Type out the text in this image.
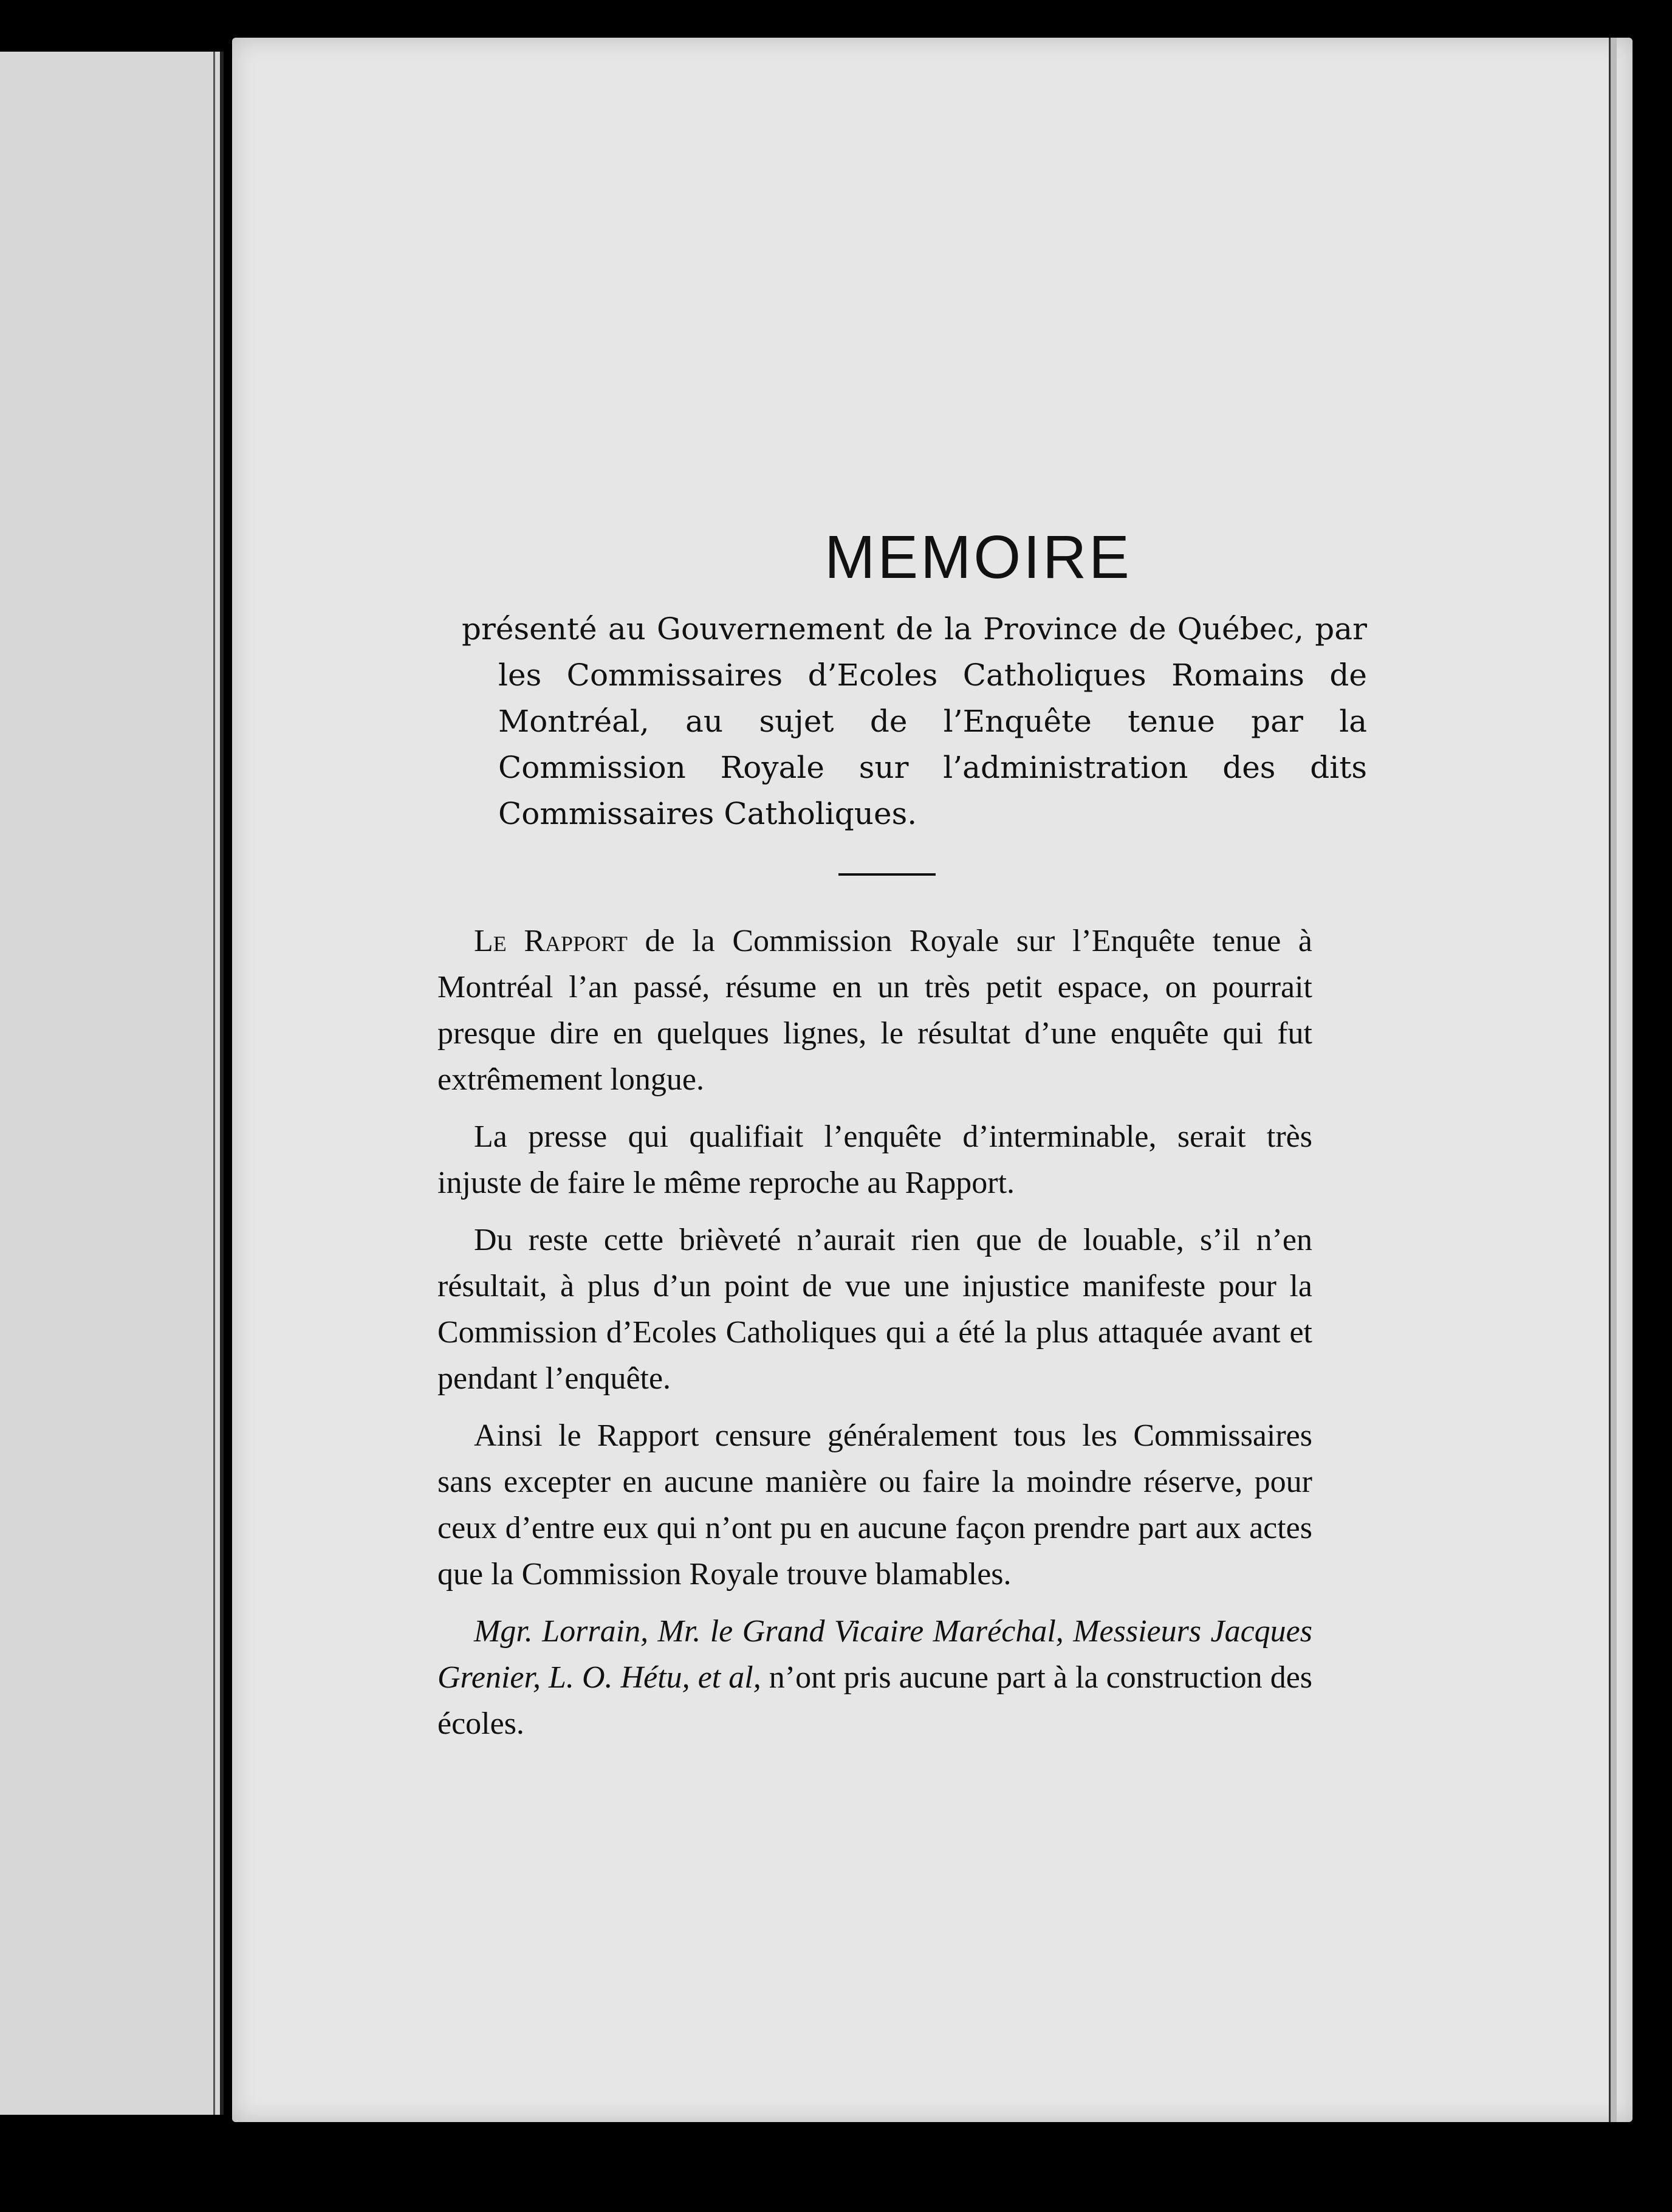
MEMOIRE

présenté au Gouvernement de la Province de Québec, par les Commissaires d’Ecoles Catholiques Romains de Montréal, au sujet de l’Enquête tenue par la Commission Royale sur l’administration des dits Commissaires Catholiques.

Le Rapport de la Commission Royale sur l’Enquête tenue à Montréal l’an passé, résume en un très petit espace, on pourrait presque dire en quelques lignes, le résultat d’une enquête qui fut extrêmement longue.

La presse qui qualifiait l’enquête d’interminable, serait très injuste de faire le même reproche au Rapport.

Du reste cette brièveté n’aurait rien que de louable, s’il n’en résultait, à plus d’un point de vue une injustice manifeste pour la Commission d’Ecoles Catholiques qui a été la plus attaquée avant et pendant l’enquête.

Ainsi le Rapport censure généralement tous les Commissaires sans excepter en aucune manière ou faire la moindre réserve, pour ceux d’entre eux qui n’ont pu en aucune façon prendre part aux actes que la Commission Royale trouve blamables.

Mgr. Lorrain, Mr. le Grand Vicaire Maréchal, Messieurs Jacques Grenier, L. O. Hétu, et al, n’ont pris aucune part à la construction des écoles.
